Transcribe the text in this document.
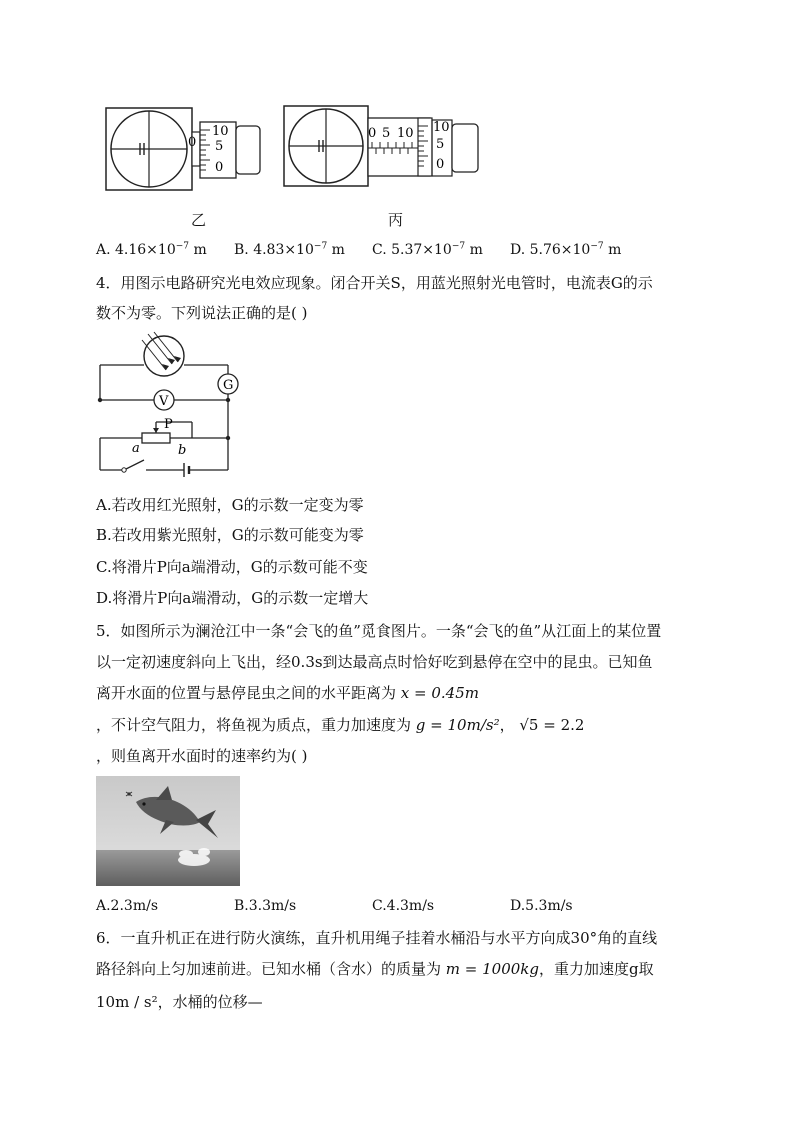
10
5
0
0
0 5 10 10
5
0
乙	丙
A. $4.16\times 10^{-7}$ m B. $4.83\times 10^{-7}$ m C. $5.37\times 10^{-7}$ m D. $5.76\times 10^{-7}$ m
4．用图示电路研究光电效应现象。闭合开关S，用蓝光照射光电管时，电流表G的示
数不为零。下列说法正确的是( )
G
V
P
a	b
A.若改用红光照射，G的示数一定变为零
B.若改用紫光照射，G的示数可能变为零
C.将滑片P向a端滑动，G的示数可能不变
D.将滑片P向a端滑动，G的示数一定增大
5．如图所示为澜沧江中一条“会飞的鱼”觅食图片。一条“会飞的鱼”从江面上的某位置
以一定初速度斜向上飞出，经0.3s到达最高点时恰好吃到悬停在空中的昆虫。已知鱼
离开水面的位置与悬停昆虫之间的水平距离为 x = 0.45m
，不计空气阻力，将鱼视为质点，重力加速度为 g = 10m/s²， √5 = 2.2
，则鱼离开水面时的速率约为( )
A.2.3m/s	B.3.3m/s	C.4.3m/s	D.5.3m/s
6．一直升机正在进行防火演练，直升机用绳子挂着水桶沿与水平方向成30°角的直线
路径斜向上匀加速前进。已知水桶（含水）的质量为 m = 1000kg，重力加速度g取
10m / s²，水桶的位移—
